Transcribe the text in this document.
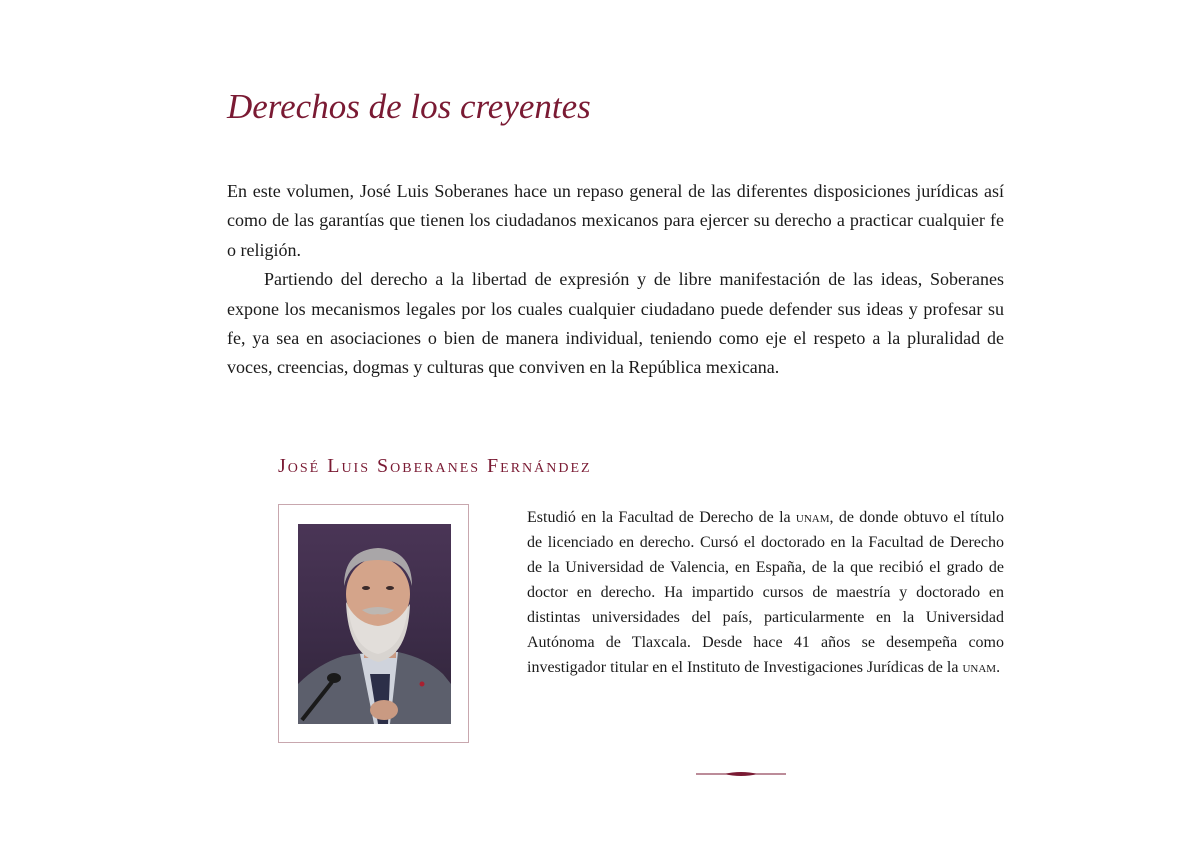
Derechos de los creyentes

En este volumen, José Luis Soberanes hace un repaso general de las diferentes disposiciones jurídicas así como de las garantías que tienen los ciudadanos mexicanos para ejercer su derecho a practicar cualquier fe o religión.

Partiendo del derecho a la libertad de expresión y de libre manifestación de las ideas, Soberanes expone los mecanismos legales por los cuales cualquier ciudadano puede defender sus ideas y profesar su fe, ya sea en asociaciones o bien de manera individual, teniendo como eje el respeto a la pluralidad de voces, creencias, dogmas y culturas que conviven en la República mexicana.

José Luis Soberanes Fernández

Estudió en la Facultad de Derecho de la unam, de donde obtuvo el título de licenciado en derecho. Cursó el doctorado en la Facultad de Derecho de la Universidad de Valencia, en España, de la que recibió el grado de doctor en derecho. Ha impartido cursos de maestría y doctorado en distintas universidades del país, particularmente en la Universidad Autónoma de Tlaxcala. Desde hace 41 años se desempeña como investigador titular en el Instituto de Investigaciones Jurídicas de la unam.
